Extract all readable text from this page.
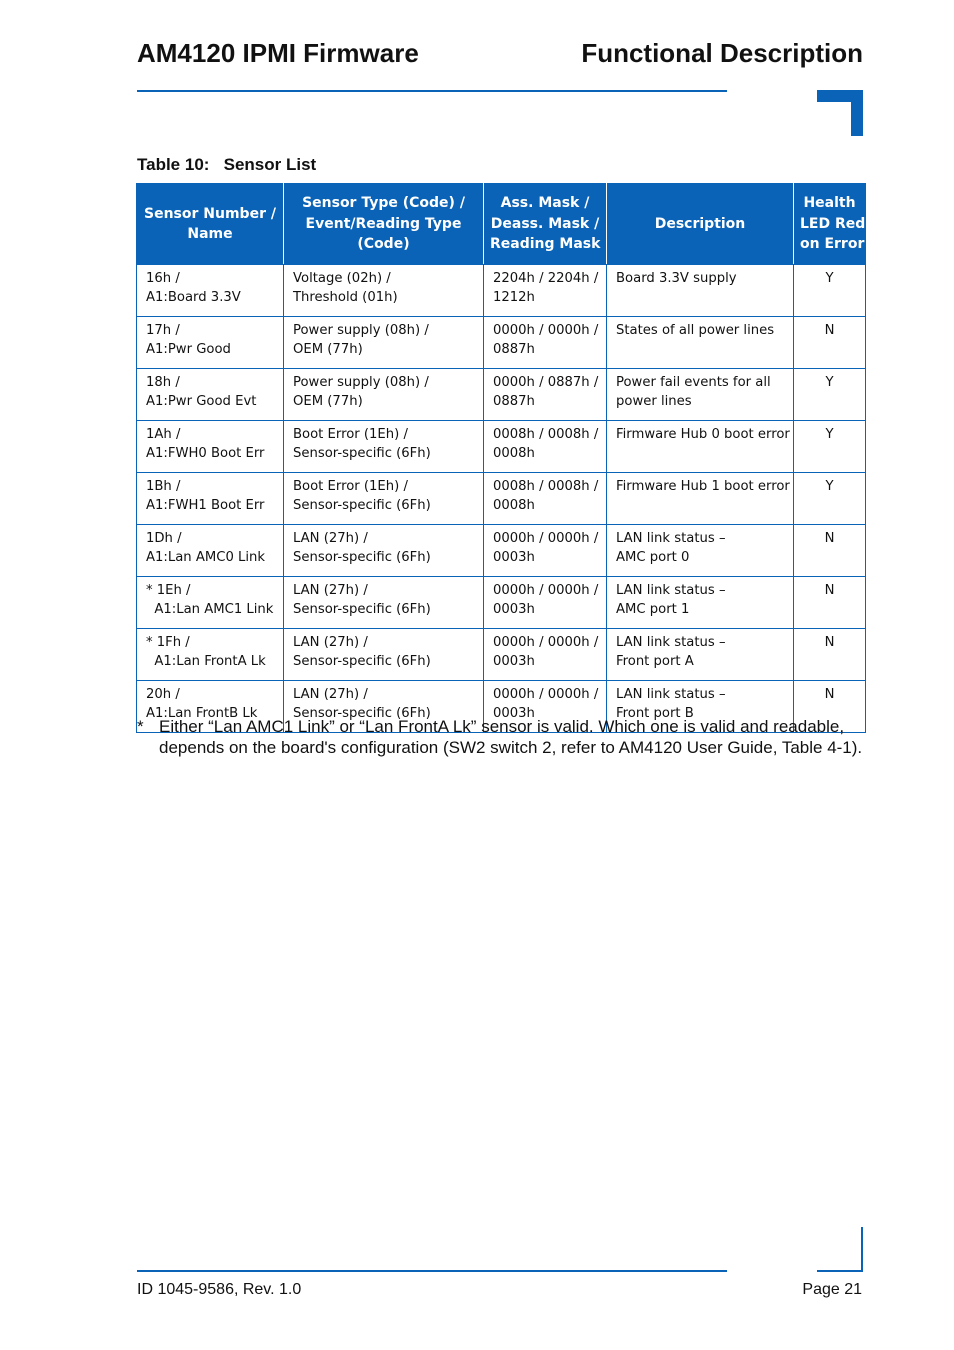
AM4120 IPMI Firmware	Functional Description
Table 10:   Sensor List
Sensor Number /
Name	Sensor Type (Code) /
Event/Reading Type
(Code)	Ass. Mask /
Deass. Mask /
Reading Mask	Description	Health
LED Red
on Error

16h /
A1:Board 3.3V	Voltage (02h) /
Threshold (01h)	2204h / 2204h /
1212h	Board 3.3V supply	Y

17h /
A1:Pwr Good	Power supply (08h) /
OEM (77h)	0000h / 0000h /
0887h	States of all power lines	N

18h /
A1:Pwr Good Evt	Power supply (08h) /
OEM (77h)	0000h / 0887h /
0887h	Power fail events for all
power lines	Y

1Ah /
A1:FWH0 Boot Err	Boot Error (1Eh) /
Sensor-specific (6Fh)	0008h / 0008h /
0008h	Firmware Hub 0 boot error	Y

1Bh /
A1:FWH1 Boot Err	Boot Error (1Eh) /
Sensor-specific (6Fh)	0008h / 0008h /
0008h	Firmware Hub 1 boot error	Y

1Dh /
A1:Lan AMC0 Link	LAN (27h) /
Sensor-specific (6Fh)	0000h / 0000h /
0003h	LAN link status –
AMC port 0	N

* 1Eh /
A1:Lan AMC1 Link	LAN (27h) /
Sensor-specific (6Fh)	0000h / 0000h /
0003h	LAN link status –
AMC port 1	N

* 1Fh /
A1:Lan FrontA Lk	LAN (27h) /
Sensor-specific (6Fh)	0000h / 0000h /
0003h	LAN link status –
Front port A	N

20h /
A1:Lan FrontB Lk	LAN (27h) /
Sensor-specific (6Fh)	0000h / 0000h /
0003h	LAN link status –
Front port B	N
* Either “Lan AMC1 Link” or “Lan FrontA Lk” sensor is valid. Which one is valid and readable, depends on the board's configuration (SW2 switch 2, refer to AM4120 User Guide, Table 4-1).
ID 1045-9586, Rev. 1.0	Page 21
